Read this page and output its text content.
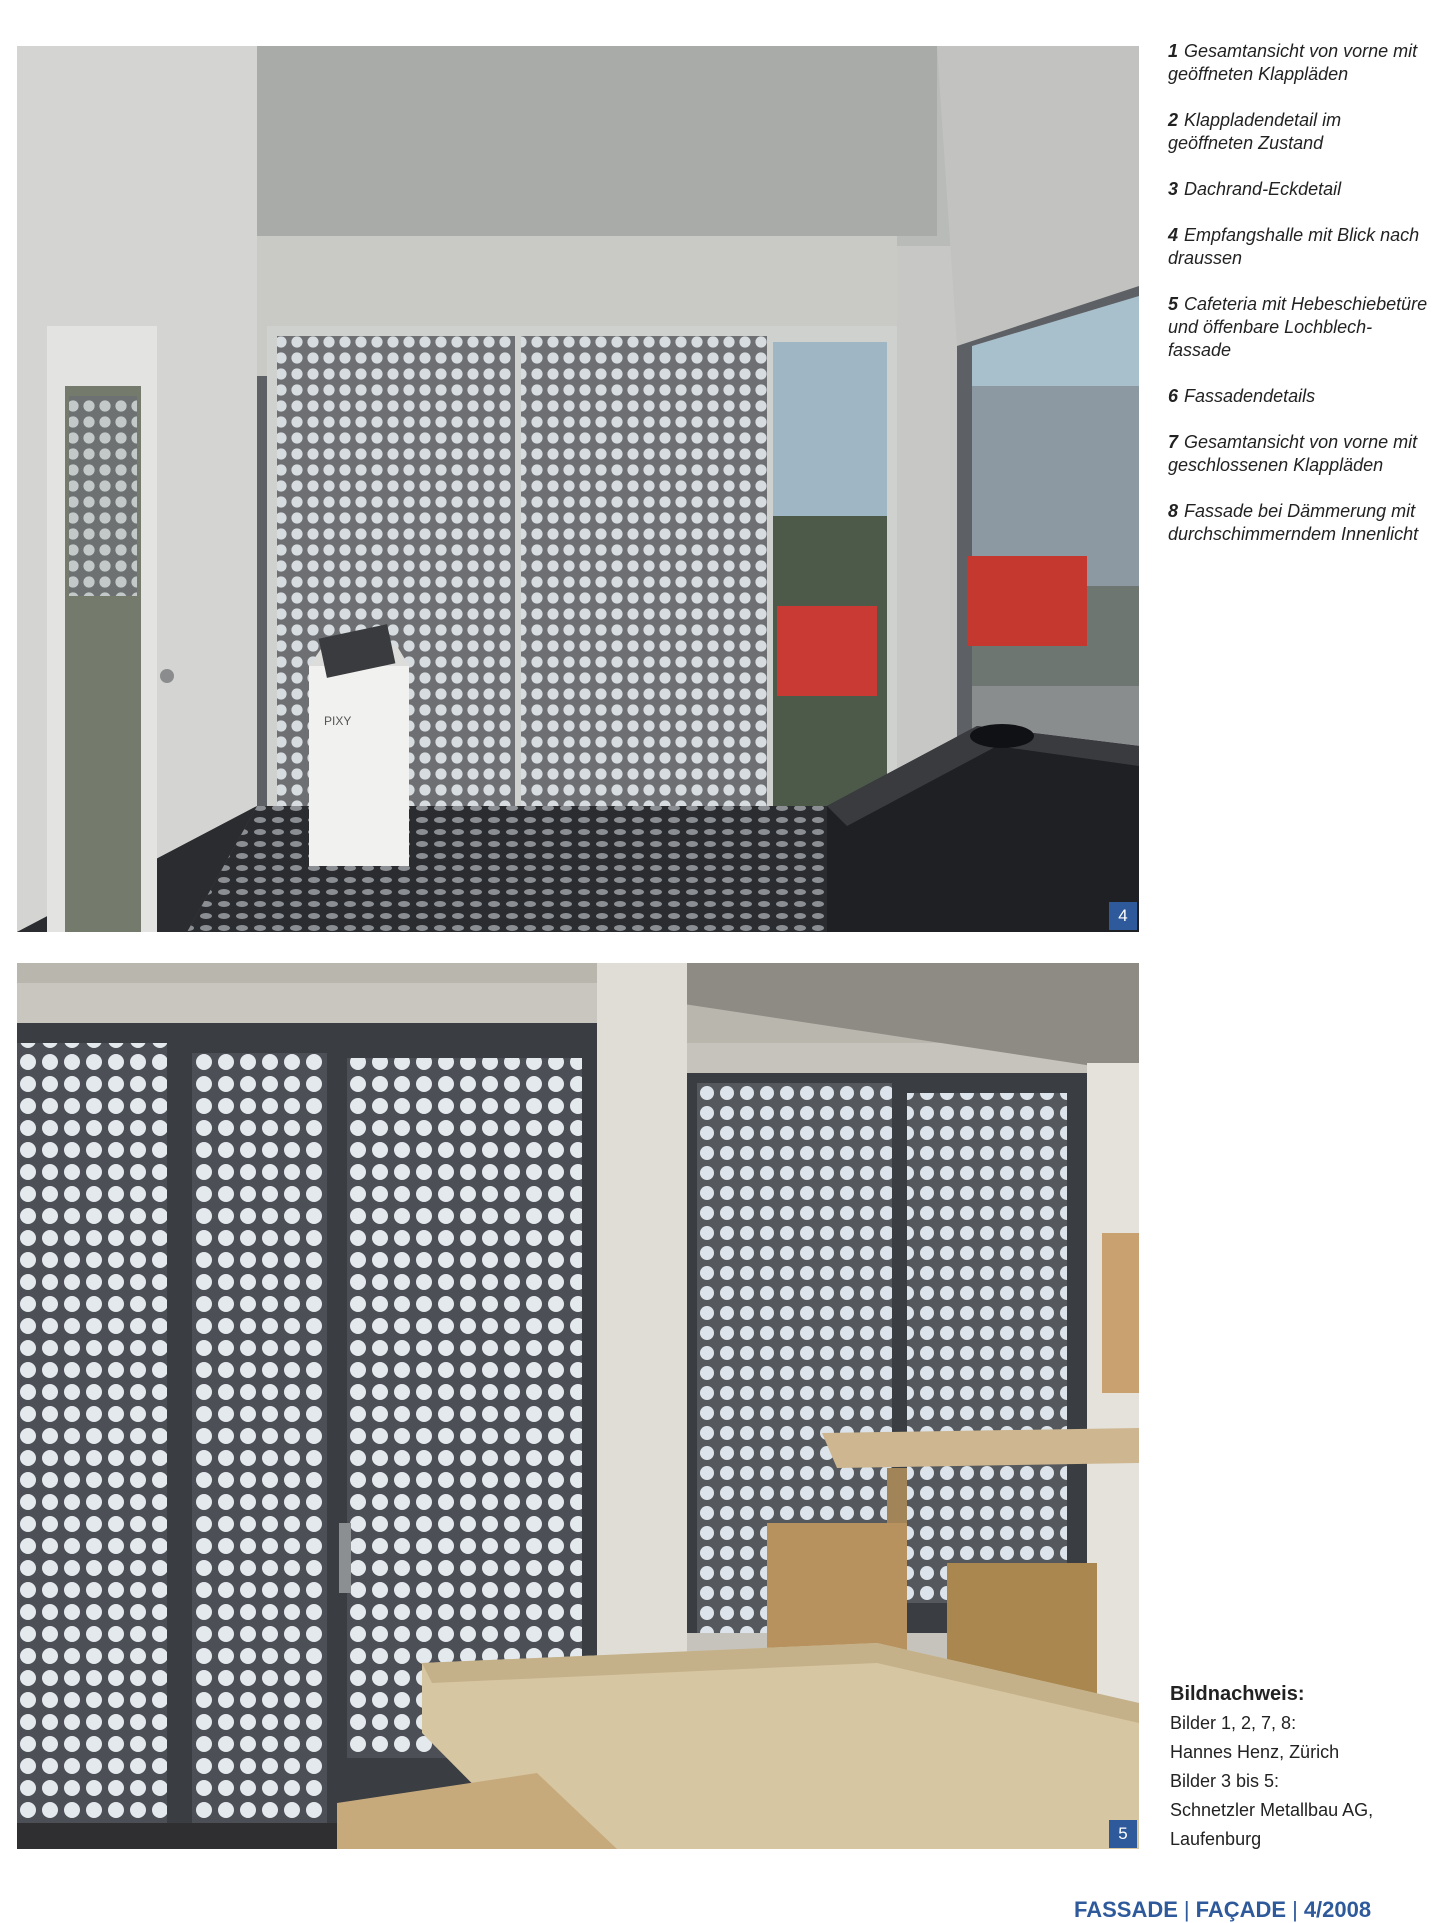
PIXY
4
5

1 Gesamtansicht von vorne mit geöffneten Klappläden

2 Klappladendetail im geöffneten Zustand

3 Dachrand-Eckdetail

4 Empfangshalle mit Blick nach draussen

5 Cafeteria mit Hebeschiebetüre und öffenbare Lochblech-fassade

6 Fassadendetails

7 Gesamtansicht von vorne mit geschlossenen Klappläden

8 Fassade bei Dämmerung mit durchschimmerndem Innenlicht

Bildnachweis:
Bilder 1, 2, 7, 8:
Hannes Henz, Zürich
Bilder 3 bis 5:
Schnetzler Metallbau AG,
Laufenburg
FASSADE | FAÇADE | 4/2008
